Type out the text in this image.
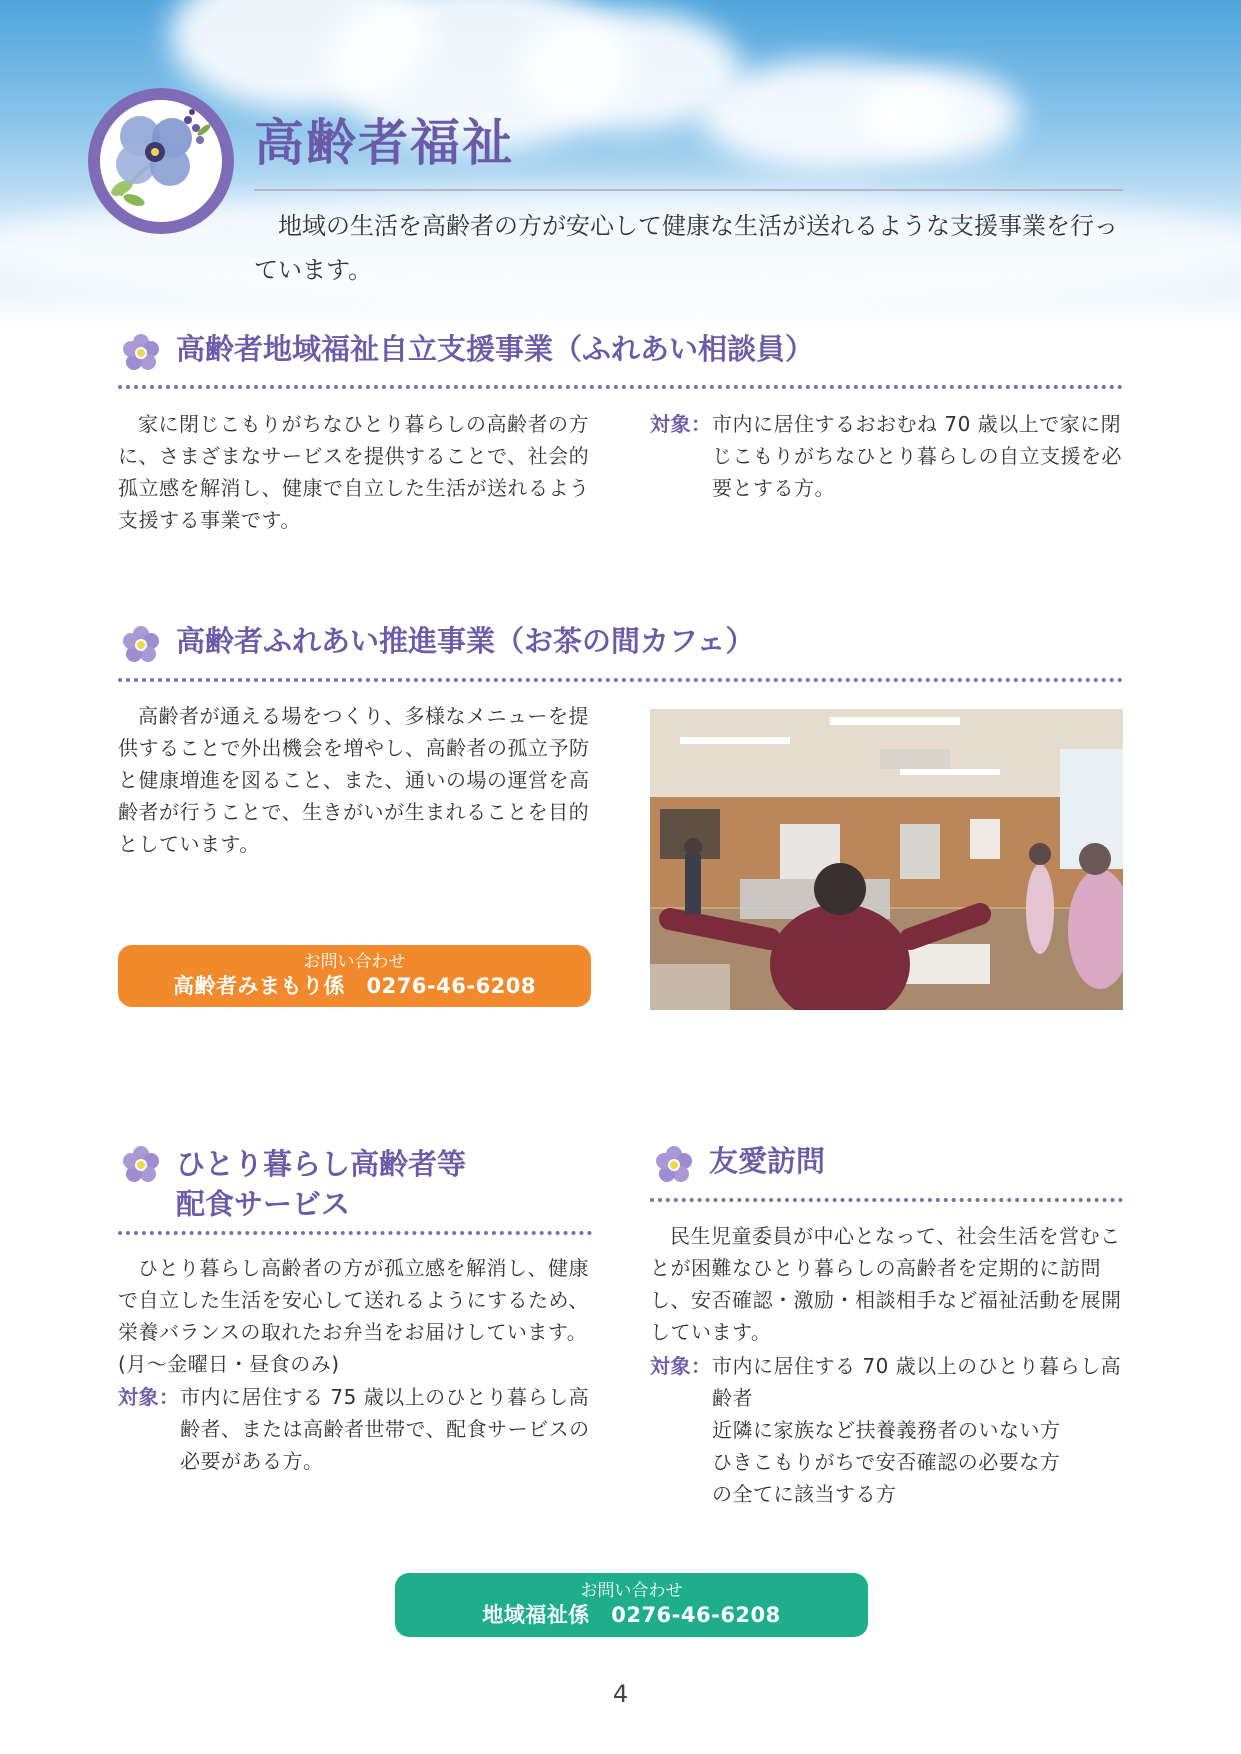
高齢者福祉

地域の生活を高齢者の方が安心して健康な生活が送れるような支援事業を行っています。

高齢者地域福祉自立支援事業（ふれあい相談員）

家に閉じこもりがちなひとり暮らしの高齢者の方に、さまざまなサービスを提供することで、社会的孤立感を解消し、健康で自立した生活が送れるよう支援する事業です。

対象： 市内に居住するおおむね 70 歳以上で家に閉じこもりがちなひとり暮らしの自立支援を必要とする方。
高齢者ふれあい推進事業（お茶の間カフェ）

高齢者が通える場をつくり、多様なメニューを提供することで外出機会を増やし、高齢者の孤立予防と健康増進を図ること、また、通いの場の運営を高齢者が行うことで、生きがいが生まれることを目的としています。

お問い合わせ
高齢者みまもり係　0276-46-6208
ひとり暮らし高齢者等
配食サービス

ひとり暮らし高齢者の方が孤立感を解消し、健康で自立した生活を安心して送れるようにするため、栄養バランスの取れたお弁当をお届けしています。(月～金曜日・昼食のみ)

対象： 市内に居住する 75 歳以上のひとり暮らし高齢者、または高齢者世帯で、配食サービスの必要がある方。
友愛訪問

民生児童委員が中心となって、社会生活を営むことが困難なひとり暮らしの高齢者を定期的に訪問し、安否確認・激励・相談相手など福祉活動を展開しています。

対象： 市内に居住する 70 歳以上のひとり暮らし高齢者
近隣に家族など扶養義務者のいない方
ひきこもりがちで安否確認の必要な方
の全てに該当する方
お問い合わせ
地域福祉係　0276-46-6208
4
